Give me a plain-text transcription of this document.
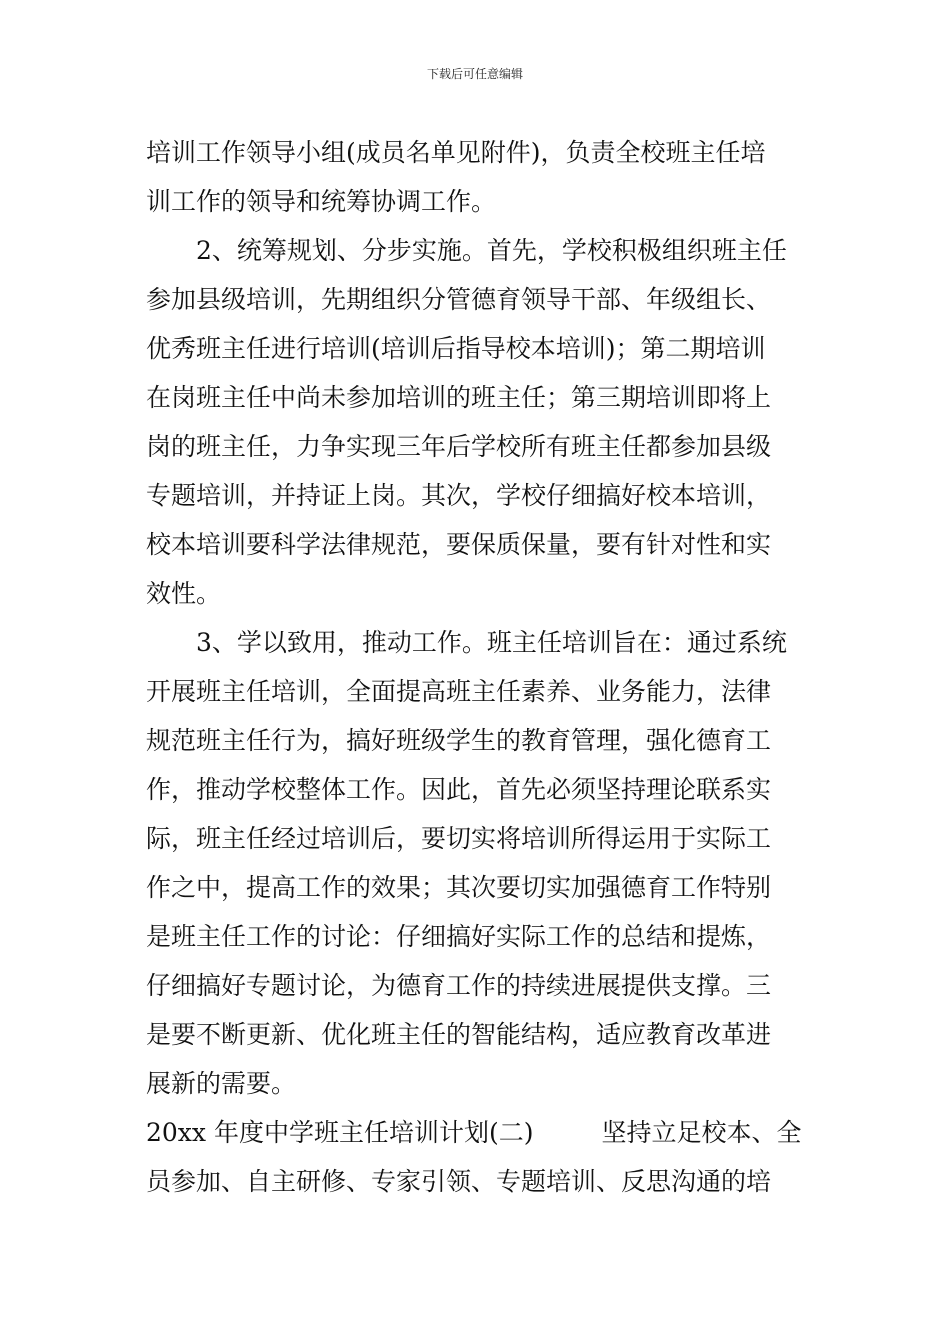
下载后可任意编辑
培训工作领导小组(成员名单见附件)，负责全校班主任培
训工作的领导和统筹协调工作。
2、统筹规划、分步实施。首先，学校积极组织班主任
参加县级培训，先期组织分管德育领导干部、年级组长、
优秀班主任进行培训(培训后指导校本培训)；第二期培训
在岗班主任中尚未参加培训的班主任；第三期培训即将上
岗的班主任，力争实现三年后学校所有班主任都参加县级
专题培训，并持证上岗。其次，学校仔细搞好校本培训，
校本培训要科学法律规范，要保质保量，要有针对性和实
效性。
3、学以致用，推动工作。班主任培训旨在：通过系统
开展班主任培训，全面提高班主任素养、业务能力，法律
规范班主任行为，搞好班级学生的教育管理，强化德育工
作，推动学校整体工作。因此，首先必须坚持理论联系实
际，班主任经过培训后，要切实将培训所得运用于实际工
作之中，提高工作的效果；其次要切实加强德育工作特别
是班主任工作的讨论：仔细搞好实际工作的总结和提炼，
仔细搞好专题讨论，为德育工作的持续进展提供支撑。三
是要不断更新、优化班主任的智能结构，适应教育改革进
展新的需要。
20xx 年度中学班主任培训计划(二)	坚持立足校本、全
员参加、自主研修、专家引领、专题培训、反思沟通的培
